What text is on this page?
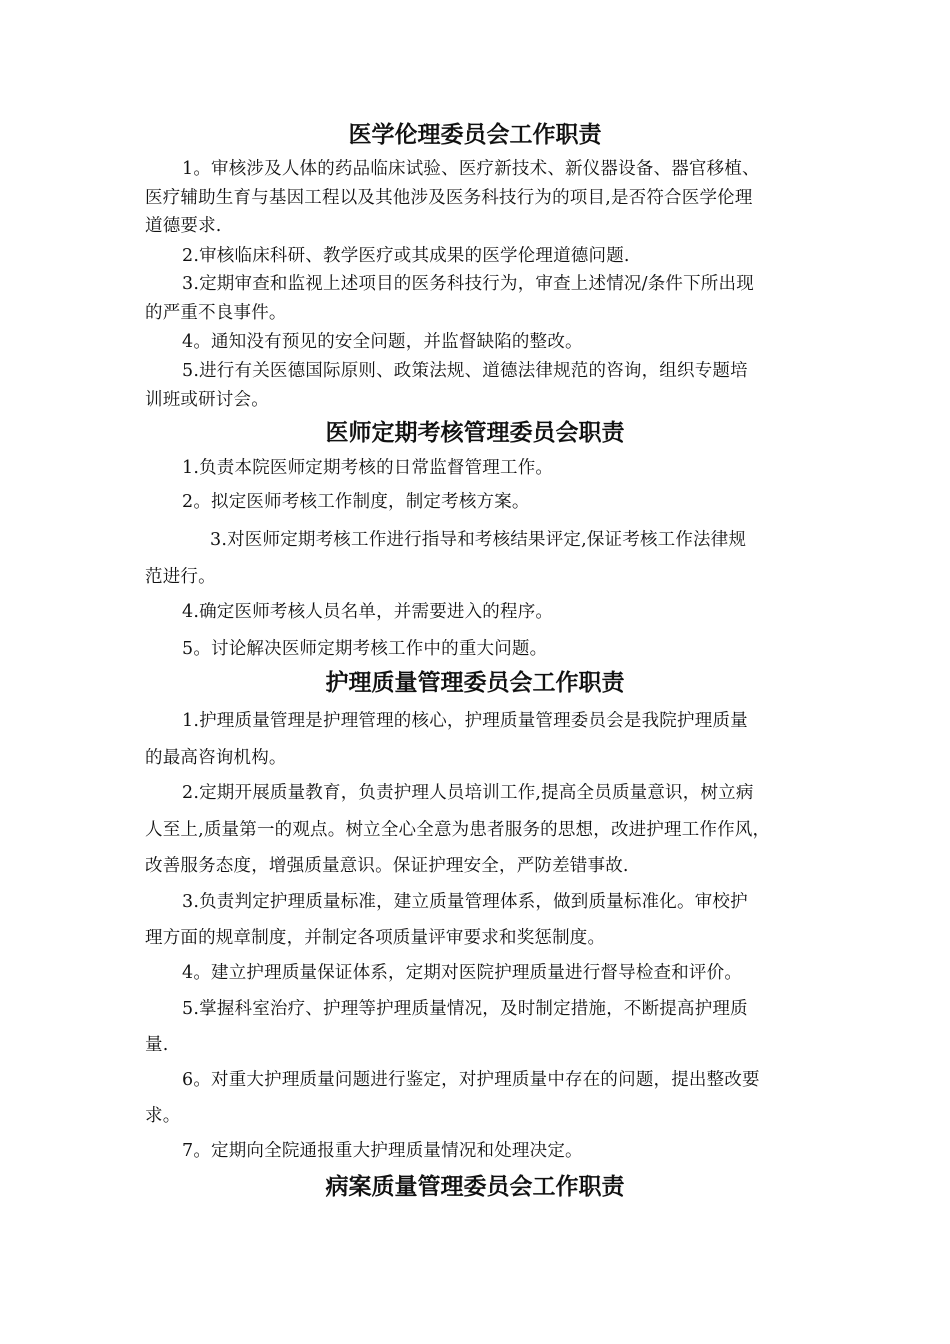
医学伦理委员会工作职责
1。审核涉及人体的药品临床试验、医疗新技术、新仪器设备、器官移植、
医疗辅助生育与基因工程以及其他涉及医务科技行为的项目,是否符合医学伦理
道德要求.
2.审核临床科研、教学医疗或其成果的医学伦理道德问题.
3.定期审查和监视上述项目的医务科技行为，审查上述情况/条件下所出现
的严重不良事件。
4。通知没有预见的安全问题，并监督缺陷的整改。
5.进行有关医德国际原则、政策法规、道德法律规范的咨询，组织专题培
训班或研讨会。
医师定期考核管理委员会职责
1.负责本院医师定期考核的日常监督管理工作。
2。拟定医师考核工作制度，制定考核方案。
3.对医师定期考核工作进行指导和考核结果评定,保证考核工作法律规
范进行。
4.确定医师考核人员名单，并需要进入的程序。
5。讨论解决医师定期考核工作中的重大问题。
护理质量管理委员会工作职责
1.护理质量管理是护理管理的核心，护理质量管理委员会是我院护理质量
的最高咨询机构。
2.定期开展质量教育，负责护理人员培训工作,提高全员质量意识，树立病
人至上,质量第一的观点。树立全心全意为患者服务的思想，改进护理工作作风，
改善服务态度，增强质量意识。保证护理安全，严防差错事故.
3.负责判定护理质量标准，建立质量管理体系，做到质量标准化。审校护
理方面的规章制度，并制定各项质量评审要求和奖惩制度。
4。建立护理质量保证体系，定期对医院护理质量进行督导检查和评价。
5.掌握科室治疗、护理等护理质量情况，及时制定措施，不断提高护理质
量.
6。对重大护理质量问题进行鉴定，对护理质量中存在的问题，提出整改要
求。
7。定期向全院通报重大护理质量情况和处理决定。
病案质量管理委员会工作职责
